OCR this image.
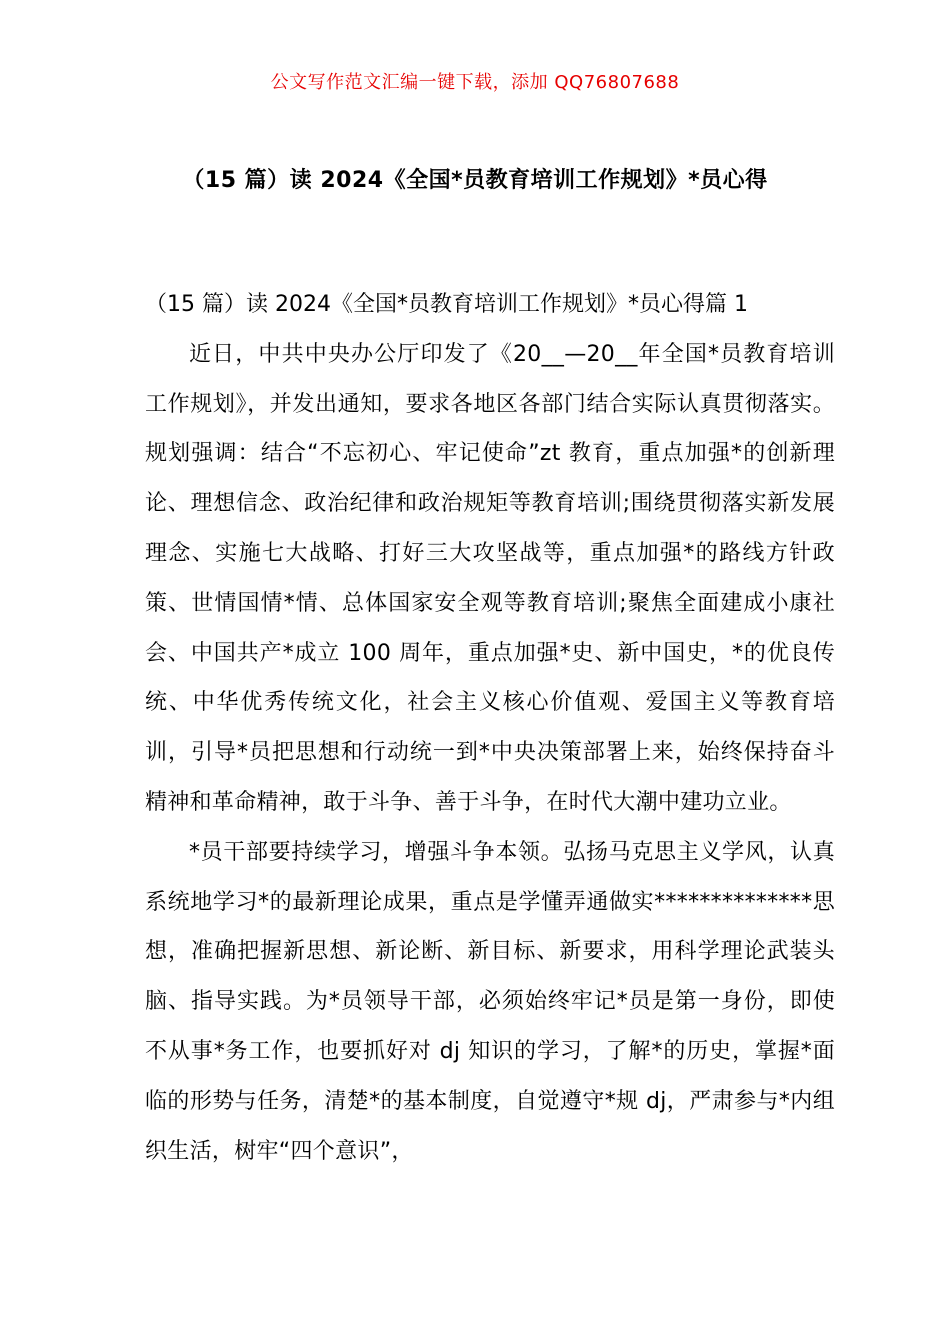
公文写作范文汇编一键下载，添加 QQ76807688
（15 篇）读 2024《全国*员教育培训工作规划》*员心得

（15 篇）读 2024《全国*员教育培训工作规划》*员心得篇 1

近日，中共中央办公厅印发了《20__—20__年全国*员教育培训工作规划》，并发出通知，要求各地区各部门结合实际认真贯彻落实。规划强调：结合“不忘初心、牢记使命”zt 教育，重点加强*的创新理论、理想信念、政治纪律和政治规矩等教育培训;围绕贯彻落实新发展理念、实施七大战略、打好三大攻坚战等，重点加强*的路线方针政策、世情国情*情、总体国家安全观等教育培训;聚焦全面建成小康社会、中国共产*成立 100 周年，重点加强*史、新中国史，*的优良传统、中华优秀传统文化，社会主义核心价值观、爱国主义等教育培训，引导*员把思想和行动统一到*中央决策部署上来，始终保持奋斗精神和革命精神，敢于斗争、善于斗争，在时代大潮中建功立业。

*员干部要持续学习，增强斗争本领。弘扬马克思主义学风，认真系统地学习*的最新理论成果，重点是学懂弄通做实**************思想，准确把握新思想、新论断、新目标、新要求，用科学理论武装头脑、指导实践。为*员领导干部，必须始终牢记*员是第一身份，即使不从事*务工作，也要抓好对 dj 知识的学习，了解*的历史，掌握*面临的形势与任务，清楚*的基本制度，自觉遵守*规 dj，严肃参与*内组织生活，树牢“四个意识”，
